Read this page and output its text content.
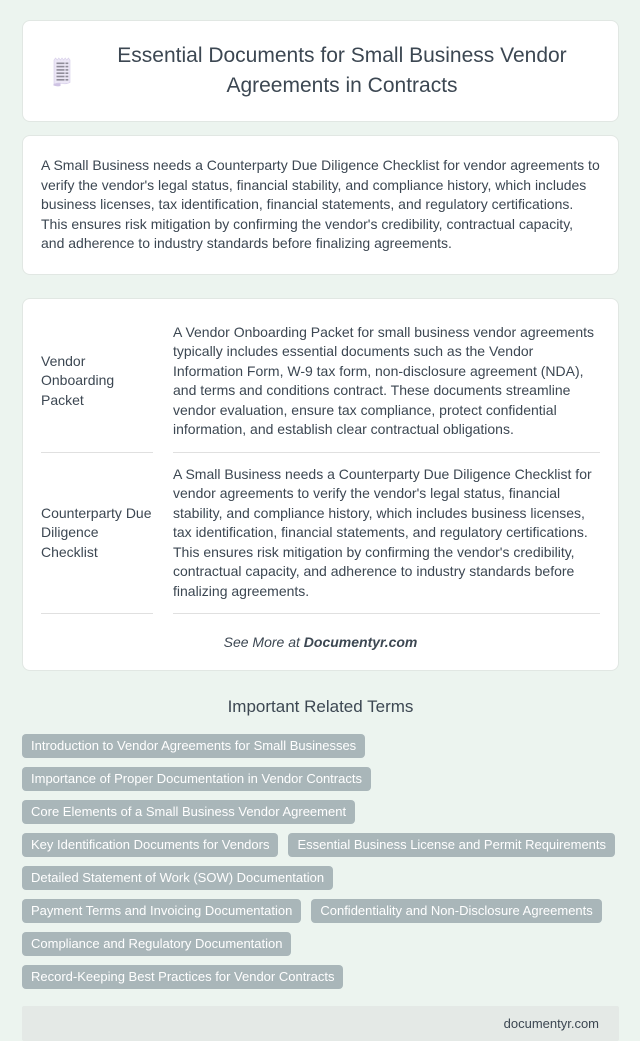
Essential Documents for Small Business Vendor Agreements in Contracts

A Small Business needs a Counterparty Due Diligence Checklist for vendor agreements to verify the vendor's legal status, financial stability, and compliance history, which includes business licenses, tax identification, financial statements, and regulatory certifications. This ensures risk mitigation by confirming the vendor's credibility, contractual capacity, and adherence to industry standards before finalizing agreements.

Vendor Onboarding Packet
A Vendor Onboarding Packet for small business vendor agreements typically includes essential documents such as the Vendor Information Form, W-9 tax form, non-disclosure agreement (NDA), and terms and conditions contract. These documents streamline vendor evaluation, ensure tax compliance, protect confidential information, and establish clear contractual obligations.
Counterparty Due Diligence Checklist
A Small Business needs a Counterparty Due Diligence Checklist for vendor agreements to verify the vendor's legal status, financial stability, and compliance history, which includes business licenses, tax identification, financial statements, and regulatory certifications. This ensures risk mitigation by confirming the vendor's credibility, contractual capacity, and adherence to industry standards before finalizing agreements.
See More at Documentyr.com
Important Related Terms
Introduction to Vendor Agreements for Small Businesses
Importance of Proper Documentation in Vendor Contracts
Core Elements of a Small Business Vendor Agreement
Key Identification Documents for Vendors	Essential Business License and Permit Requirements
Detailed Statement of Work (SOW) Documentation
Payment Terms and Invoicing Documentation	Confidentiality and Non-Disclosure Agreements
Compliance and Regulatory Documentation
Record-Keeping Best Practices for Vendor Contracts
documentyr.com
